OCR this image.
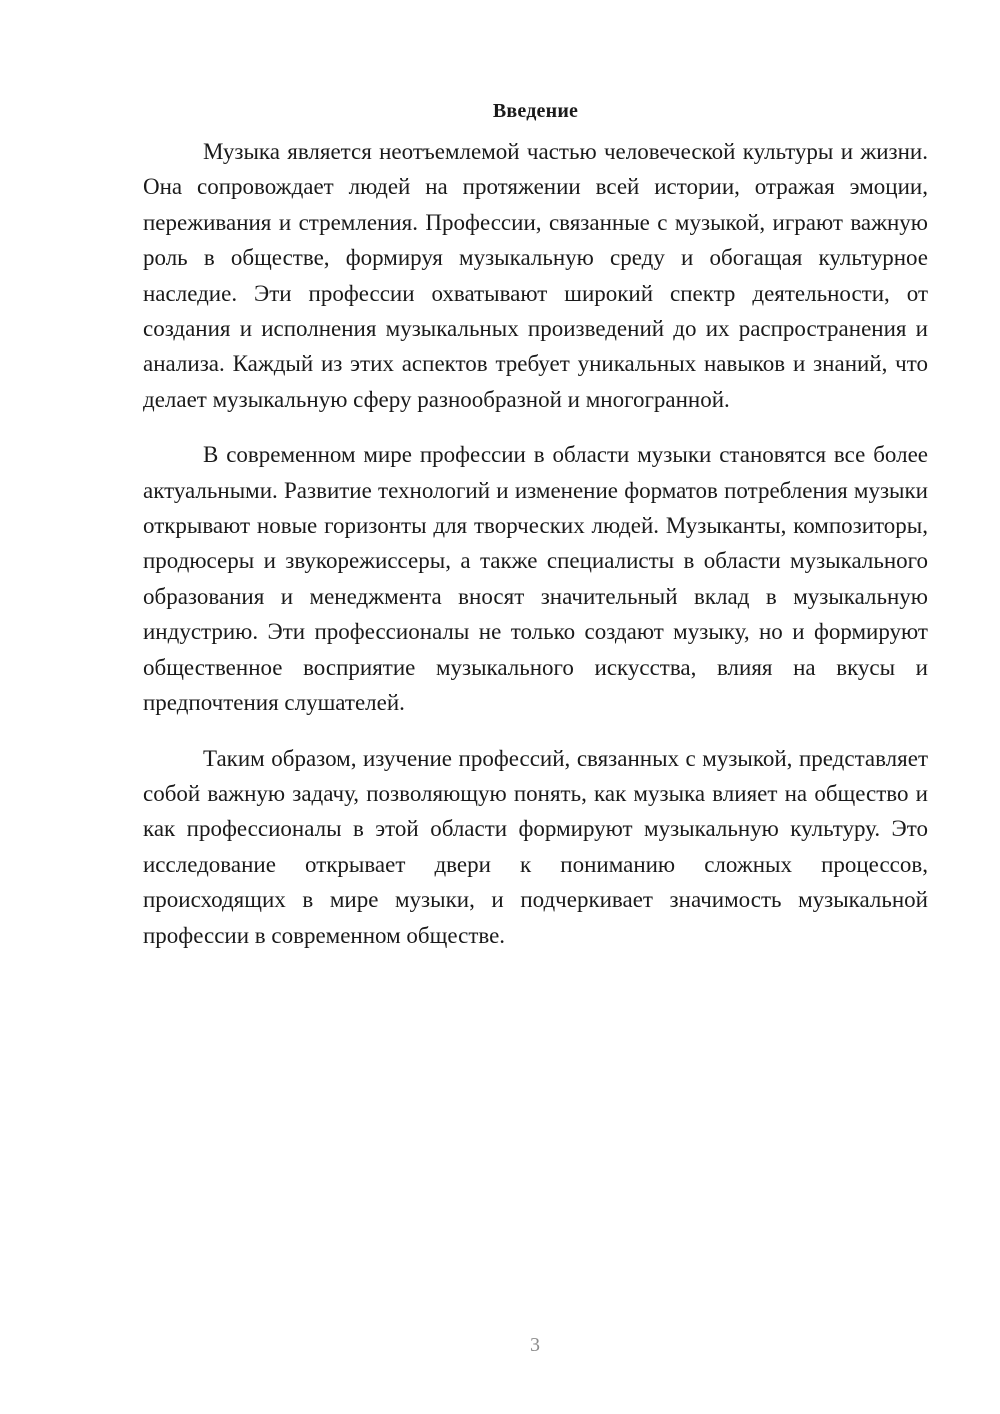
Введение

Музыка является неотъемлемой частью человеческой культуры и жизни. Она сопровождает людей на протяжении всей истории, отражая эмоции, переживания и стремления. Профессии, связанные с музыкой, играют важную роль в обществе, формируя музыкальную среду и обогащая культурное наследие. Эти профессии охватывают широкий спектр деятельности, от создания и исполнения музыкальных произведений до их распространения и анализа. Каждый из этих аспектов требует уникальных навыков и знаний, что делает музыкальную сферу разнообразной и многогранной.

В современном мире профессии в области музыки становятся все более актуальными. Развитие технологий и изменение форматов потребления музыки открывают новые горизонты для творческих людей. Музыканты, композиторы, продюсеры и звукорежиссеры, а также специалисты в области музыкального образования и менеджмента вносят значительный вклад в музыкальную индустрию. Эти профессионалы не только создают музыку, но и формируют общественное восприятие музыкального искусства, влияя на вкусы и предпочтения слушателей.

Таким образом, изучение профессий, связанных с музыкой, представляет собой важную задачу, позволяющую понять, как музыка влияет на общество и как профессионалы в этой области формируют музыкальную культуру. Это исследование открывает двери к пониманию сложных процессов, происходящих в мире музыки, и подчеркивает значимость музыкальной профессии в современном обществе.

3
